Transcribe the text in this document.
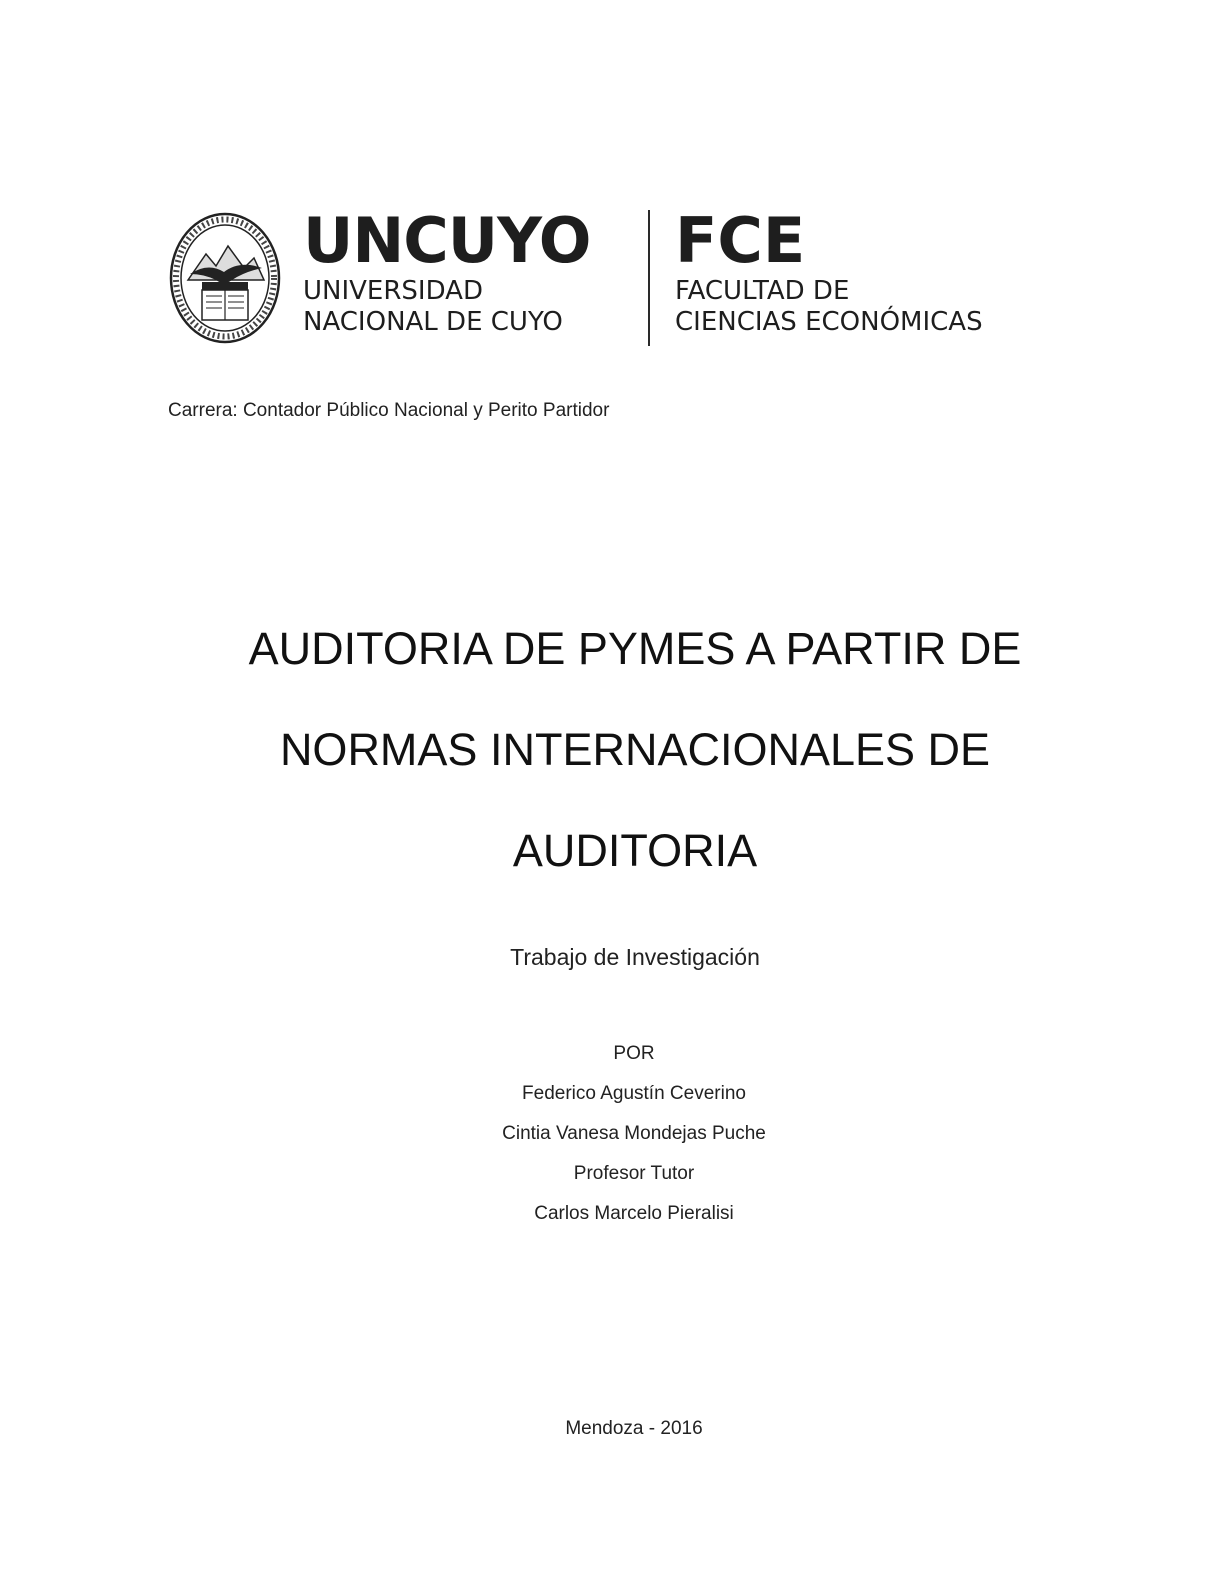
UNCUYO
UNIVERSIDAD
NACIONAL DE CUYO
FCE
FACULTAD DE
CIENCIAS ECONÓMICAS
Carrera: Contador Público Nacional y Perito Partidor
AUDITORIA DE PYMES A PARTIR DE
NORMAS INTERNACIONALES DE
AUDITORIA
Trabajo de Investigación
POR
Federico Agustín Ceverino
Cintia Vanesa Mondejas Puche
Profesor Tutor
Carlos Marcelo Pieralisi
Mendoza - 2016
